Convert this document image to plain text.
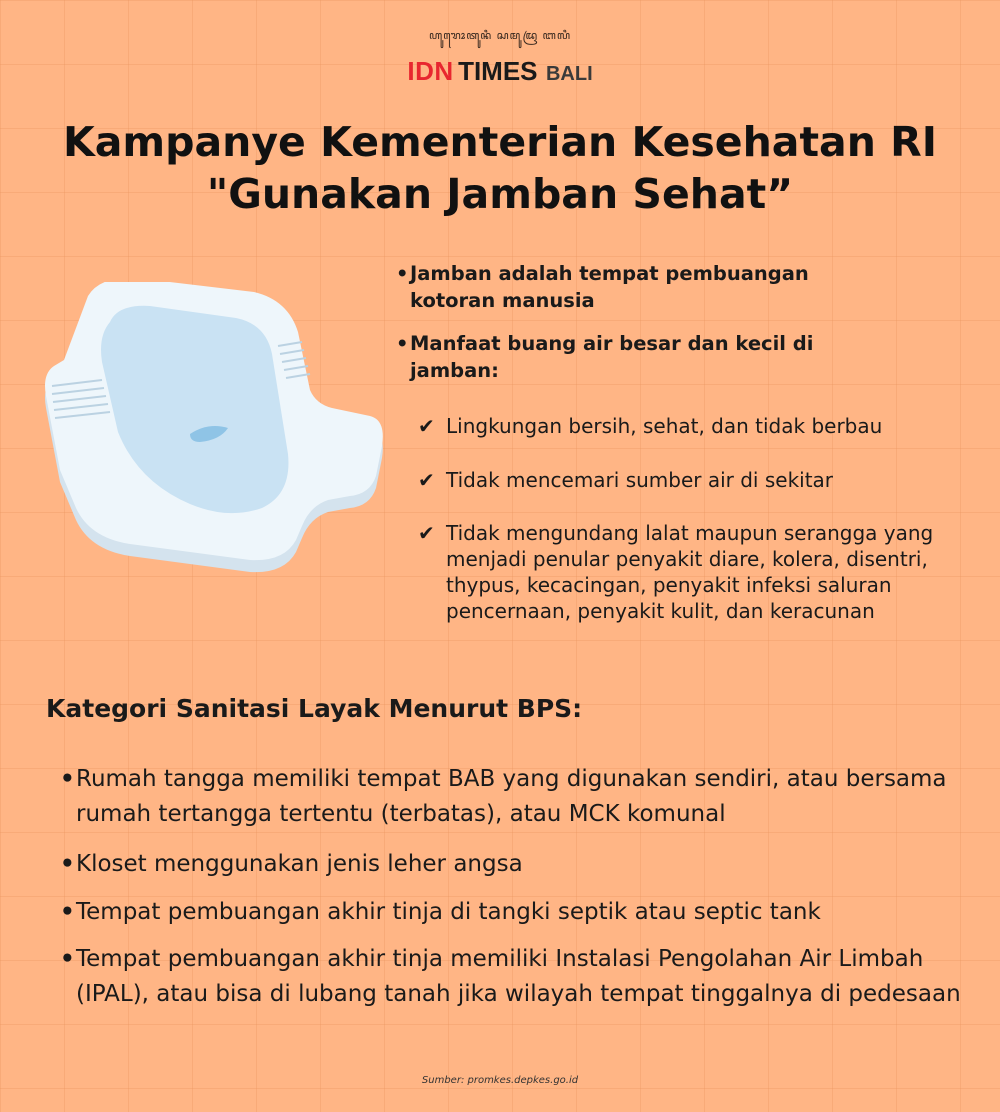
ꦲꦸꦫꦺꦴꦠꦸꦤꦶ ꦱꦩꦸꦢꦿ ꦧꦭꦶ
IDN TIMES BALI
Kampanye Kementerian Kesehatan RI
"Gunakan Jamban Sehat”
• Jamban adalah tempat pembuangan kotoran manusia
• Manfaat buang air besar dan kecil di jamban:
✔ Lingkungan bersih, sehat, dan tidak berbau
✔ Tidak mencemari sumber air di sekitar
✔ Tidak mengundang lalat maupun serangga yang menjadi penular penyakit diare, kolera, disentri, thypus, kecacingan, penyakit infeksi saluran pencernaan, penyakit kulit, dan keracunan
Kategori Sanitasi Layak Menurut BPS:
• Rumah tangga memiliki tempat BAB yang digunakan sendiri, atau bersama rumah tertangga tertentu (terbatas), atau MCK komunal
• Kloset menggunakan jenis leher angsa
• Tempat pembuangan akhir tinja di tangki septik atau septic tank
• Tempat pembuangan akhir tinja memiliki Instalasi Pengolahan Air Limbah (IPAL), atau bisa di lubang tanah jika wilayah tempat tinggalnya di pedesaan
Sumber: promkes.depkes.go.id
